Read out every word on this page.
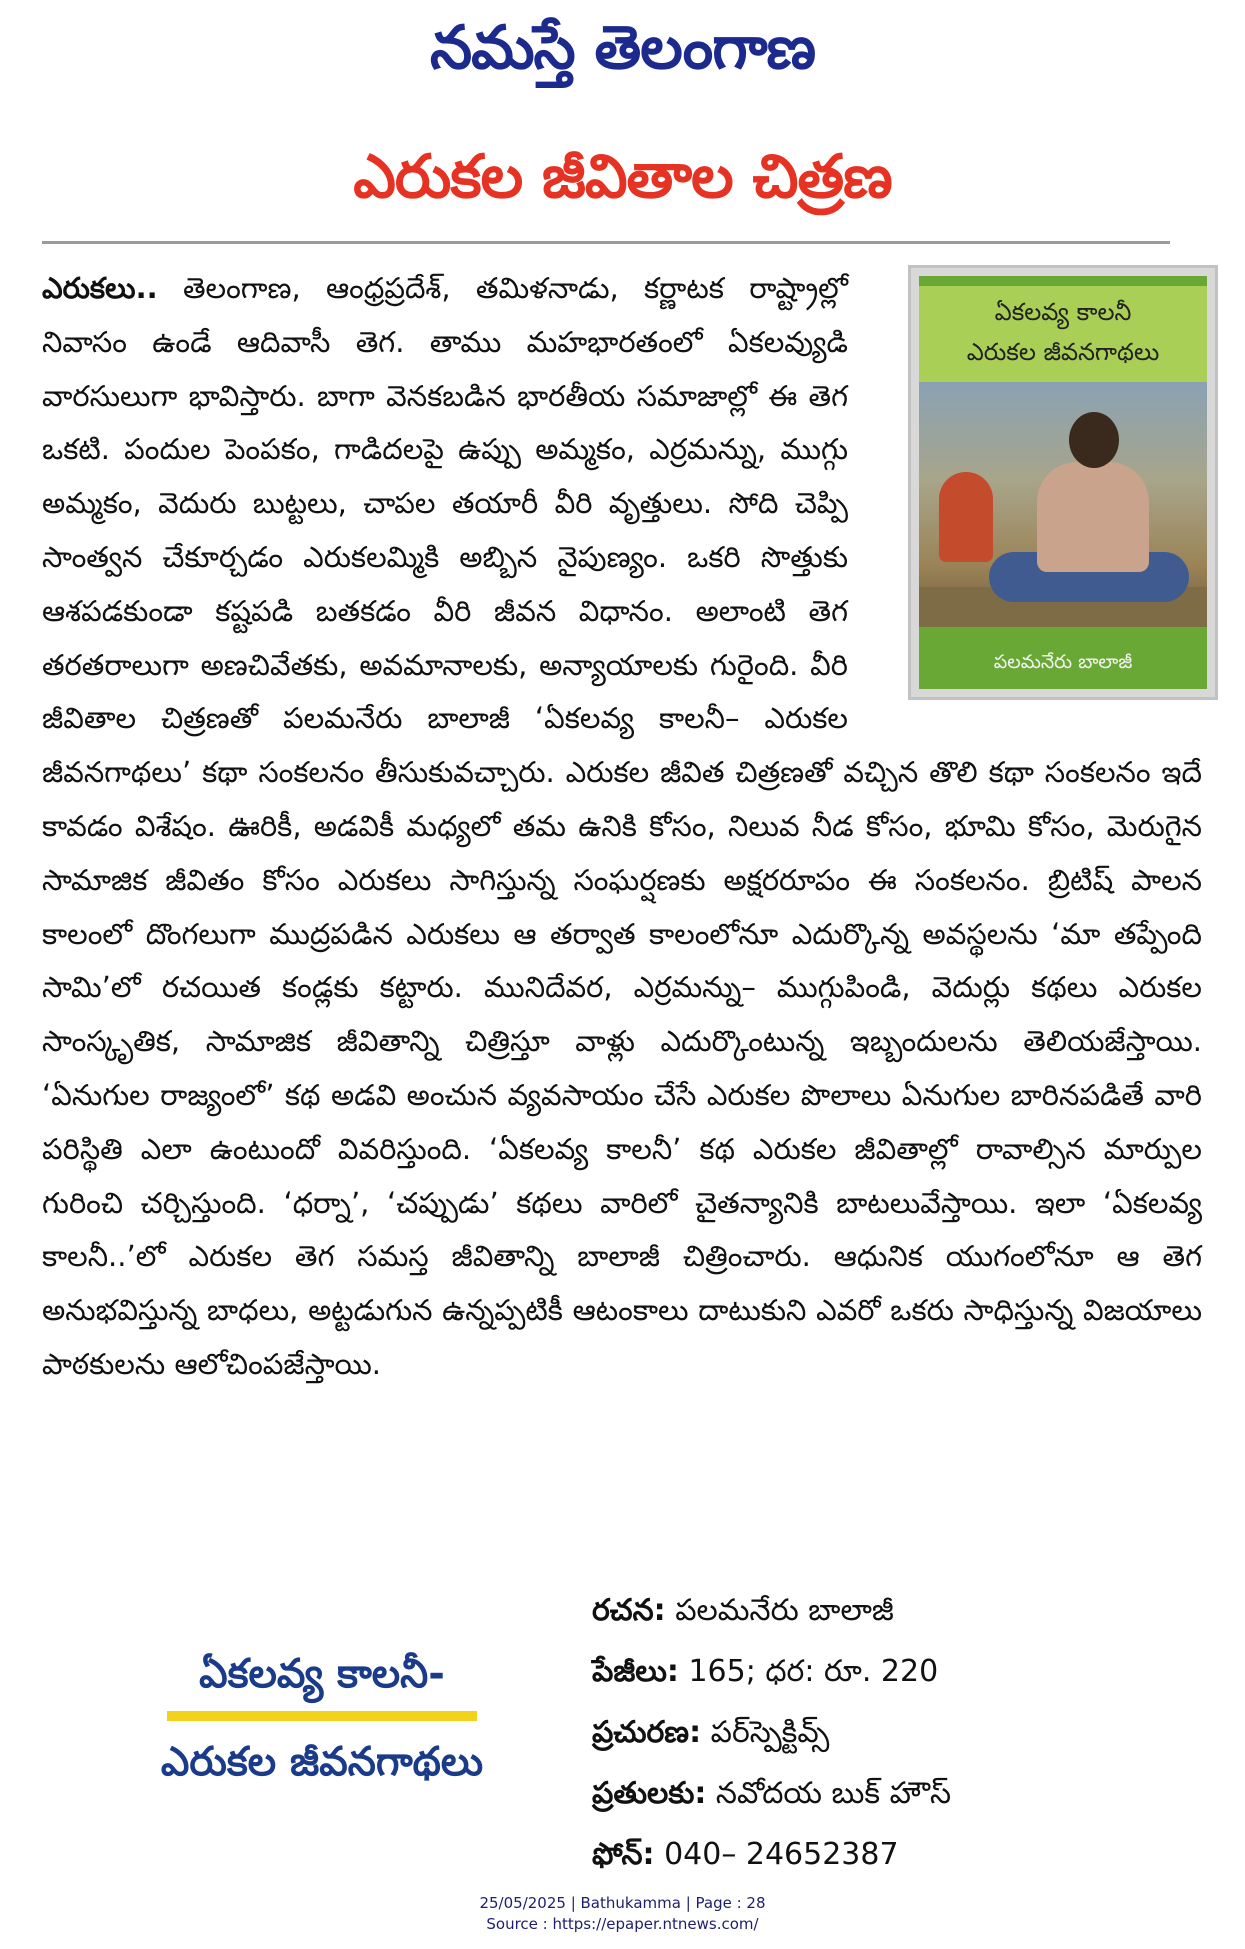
నమస్తే తెలంగాణ
ఎరుకల జీవితాల చిత్రణ
ఎరుకలు.. తెలంగాణ, ఆంధ్రప్రదేశ్, తమిళనాడు, కర్ణాటక రాష్ట్రాల్లో నివాసం ఉండే ఆదివాసీ తెగ. తాము మహభారతంలో ఏకలవ్యుడి వారసులుగా భావిస్తారు. బాగా వెనకబడిన భారతీయ సమాజాల్లో ఈ తెగ ఒకటి. పందుల పెంపకం, గాడిదలపై ఉప్పు అమ్మకం, ఎర్రమన్ను, ముగ్గు అమ్మకం, వెదురు బుట్టలు, చాపల తయారీ వీరి వృత్తులు. సోది చెప్పి సాంత్వన చేకూర్చడం ఎరుకలమ్మికి అబ్బిన నైపుణ్యం. ఒకరి సొత్తుకు ఆశపడకుండా కష్టపడి బతకడం వీరి జీవన విధానం. అలాంటి తెగ తరతరాలుగా అణచివేతకు, అవమానాలకు, అన్యాయాలకు గురైంది. వీరి జీవితాల చిత్రణతో పలమనేరు బాలాజీ ‘ఏకలవ్య కాలనీ– ఎరుకల జీవనగాథలు’ కథా సంకలనం తీసుకువచ్చారు. ఎరుకల జీవిత చిత్రణతో వచ్చిన తొలి కథా సంకలనం ఇదే కావడం విశేషం. ఊరికీ, అడవికీ మధ్యలో తమ ఉనికి కోసం, నిలువ నీడ కోసం, భూమి కోసం, మెరుగైన సామాజిక జీవితం కోసం ఎరుకలు సాగిస్తున్న సంఘర్షణకు అక్షరరూపం ఈ సంకలనం. బ్రిటిష్ పాలన కాలంలో దొంగలుగా ముద్రపడిన ఎరుకలు ఆ తర్వాత కాలంలోనూ ఎదుర్కొన్న అవస్థలను ‘మా తప్పేంది సామి’లో రచయిత కండ్లకు కట్టారు. మునిదేవర, ఎర్రమన్ను– ముగ్గుపిండి, వెదుర్లు కథలు ఎరుకల సాంస్కృతిక, సామాజిక జీవితాన్ని చిత్రిస్తూ వాళ్లు ఎదుర్కొంటున్న ఇబ్బందులను తెలియజేస్తాయి. ‘ఏనుగుల రాజ్యంలో’ కథ అడవి అంచున వ్యవసాయం చేసే ఎరుకల పొలాలు ఏనుగుల బారినపడితే వారి పరిస్థితి ఎలా ఉంటుందో వివరిస్తుంది. ‘ఏకలవ్య కాలనీ’ కథ ఎరుకల జీవితాల్లో రావాల్సిన మార్పుల గురించి చర్చిస్తుంది. ‘ధర్నా’, ‘చప్పుడు’ కథలు వారిలో చైతన్యానికి బాటలువేస్తాయి. ఇలా ‘ఏకలవ్య కాలనీ..’లో ఎరుకల తెగ సమస్త జీవితాన్ని బాలాజీ చిత్రించారు. ఆధునిక యుగంలోనూ ఆ తెగ అనుభవిస్తున్న బాధలు, అట్టడుగున ఉన్నప్పటికీ ఆటంకాలు దాటుకుని ఎవరో ఒకరు సాధిస్తున్న విజయాలు పాఠకులను ఆలోచింపజేస్తాయి.
ఏకలవ్య కాలనీ
ఎరుకల జీవనగాథలు
పలమనేరు బాలాజీ
ఏకలవ్య కాలనీ-
ఎరుకల జీవనగాథలు
రచన: పలమనేరు బాలాజీ
పేజీలు: 165; ధర: రూ. 220
ప్రచురణ: పర్‌స్పెక్టివ్స్
ప్రతులకు: నవోదయ బుక్ హౌస్
ఫోన్: 040– 24652387
25/05/2025 | Bathukamma | Page : 28
Source : https://epaper.ntnews.com/
